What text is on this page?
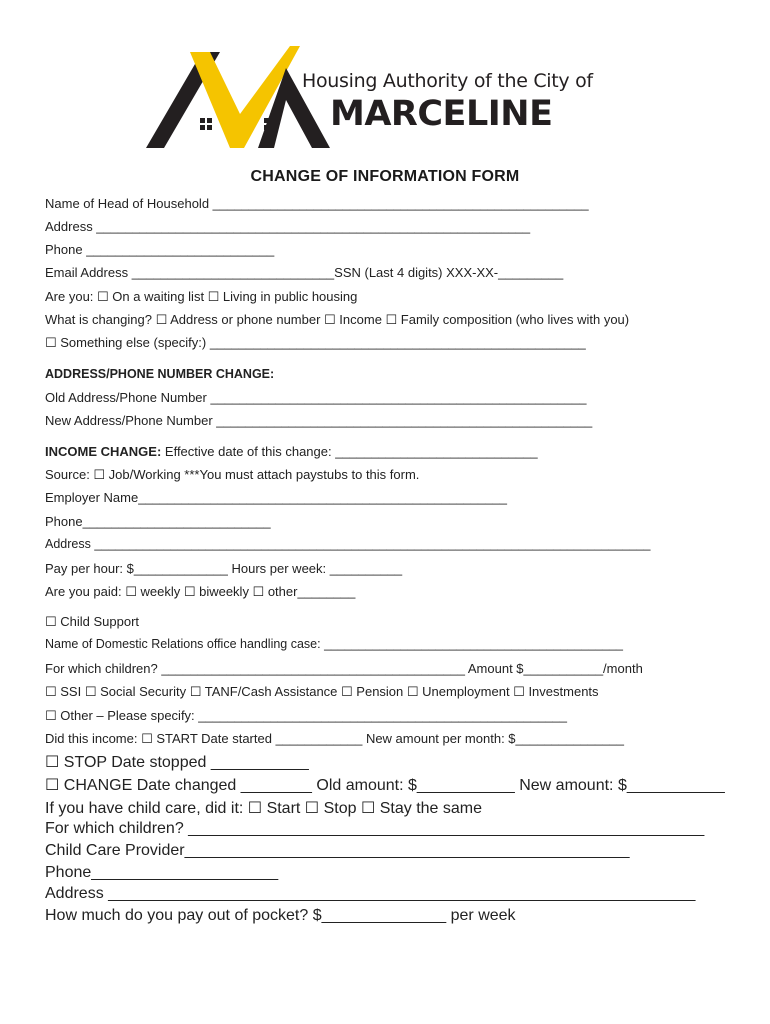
Housing Authority of the City of
MARCELINE
CHANGE OF INFORMATION FORM
Name of Head of Household ____________________________________________________
Address ____________________________________________________________
Phone __________________________
Email Address ____________________________SSN (Last 4 digits) XXX-XX-_________
Are you: ☐ On a waiting list ☐ Living in public housing
What is changing? ☐ Address or phone number ☐ Income ☐ Family composition (who lives with you)
☐ Something else (specify:) ____________________________________________________
ADDRESS/PHONE NUMBER CHANGE:
Old Address/Phone Number ____________________________________________________
New Address/Phone Number ____________________________________________________
INCOME CHANGE: Effective date of this change: ____________________________
Source: ☐ Job/Working ***You must attach paystubs to this form.
Employer Name___________________________________________________
Phone__________________________
Address ________________________________________________________________________________
Pay per hour: $_____________ Hours per week: __________
Are you paid: ☐ weekly ☐ biweekly ☐ other________
☐ Child Support
Name of Domestic Relations office handling case: ___________________________________________
For which children? __________________________________________ Amount $___________/month
☐ SSI ☐ Social Security ☐ TANF/Cash Assistance ☐ Pension ☐ Unemployment ☐ Investments
☐ Other – Please specify: ___________________________________________________
Did this income: ☐ START Date started ____________ New amount per month: $_______________
☐ STOP Date stopped ___________
☐ CHANGE Date changed ________ Old amount: $___________ New amount: $___________
If you have child care, did it: ☐ Start ☐ Stop ☐ Stay the same
For which children? __________________________________________________________
Child Care Provider__________________________________________________
Phone_____________________
Address __________________________________________________________________
How much do you pay out of pocket? $______________ per week
